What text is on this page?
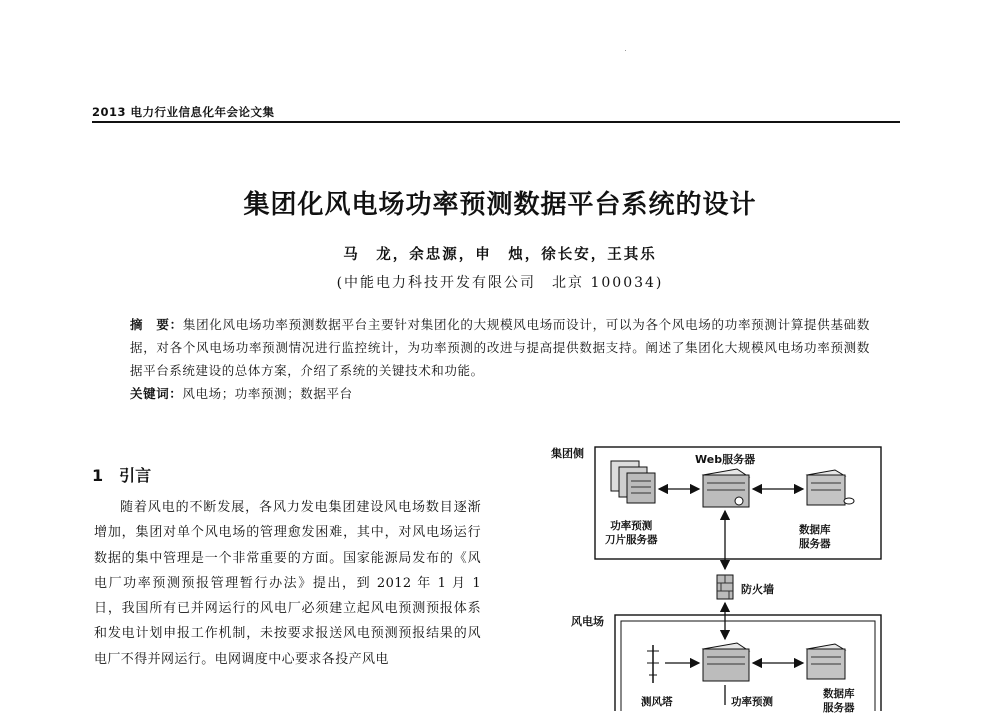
2013 电力行业信息化年会论文集
集团化风电场功率预测数据平台系统的设计
马　龙，余忠源，申　烛，徐长安，王其乐
(中能电力科技开发有限公司　北京 100034)
摘　要：集团化风电场功率预测数据平台主要针对集团化的大规模风电场而设计，可以为各个风电场的功率预测计算提供基础数据，对各个风电场功率预测情况进行监控统计，为功率预测的改进与提高提供数据支持。阐述了集团化大规模风电场功率预测数据平台系统建设的总体方案，介绍了系统的关键技术和功能。
关键词：风电场；功率预测；数据平台
1 引言

随着风电的不断发展，各风力发电集团建设风电场数目逐渐增加，集团对单个风电场的管理愈发困难，其中，对风电场运行数据的集中管理是一个非常重要的方面。国家能源局发布的《风电厂功率预测预报管理暂行办法》提出，到 2012 年 1 月 1 日，我国所有已并网运行的风电厂必须建立起风电预测预报体系和发电计划申报工作机制，未按要求报送风电预测预报结果的风电厂不得并网运行。电网调度中心要求各投产风电

集团侧	Web服务器
功率预测
刀片服务器
数据库
服务器
防火墙
风电场
测风塔	功率预测
数据库
服务器
